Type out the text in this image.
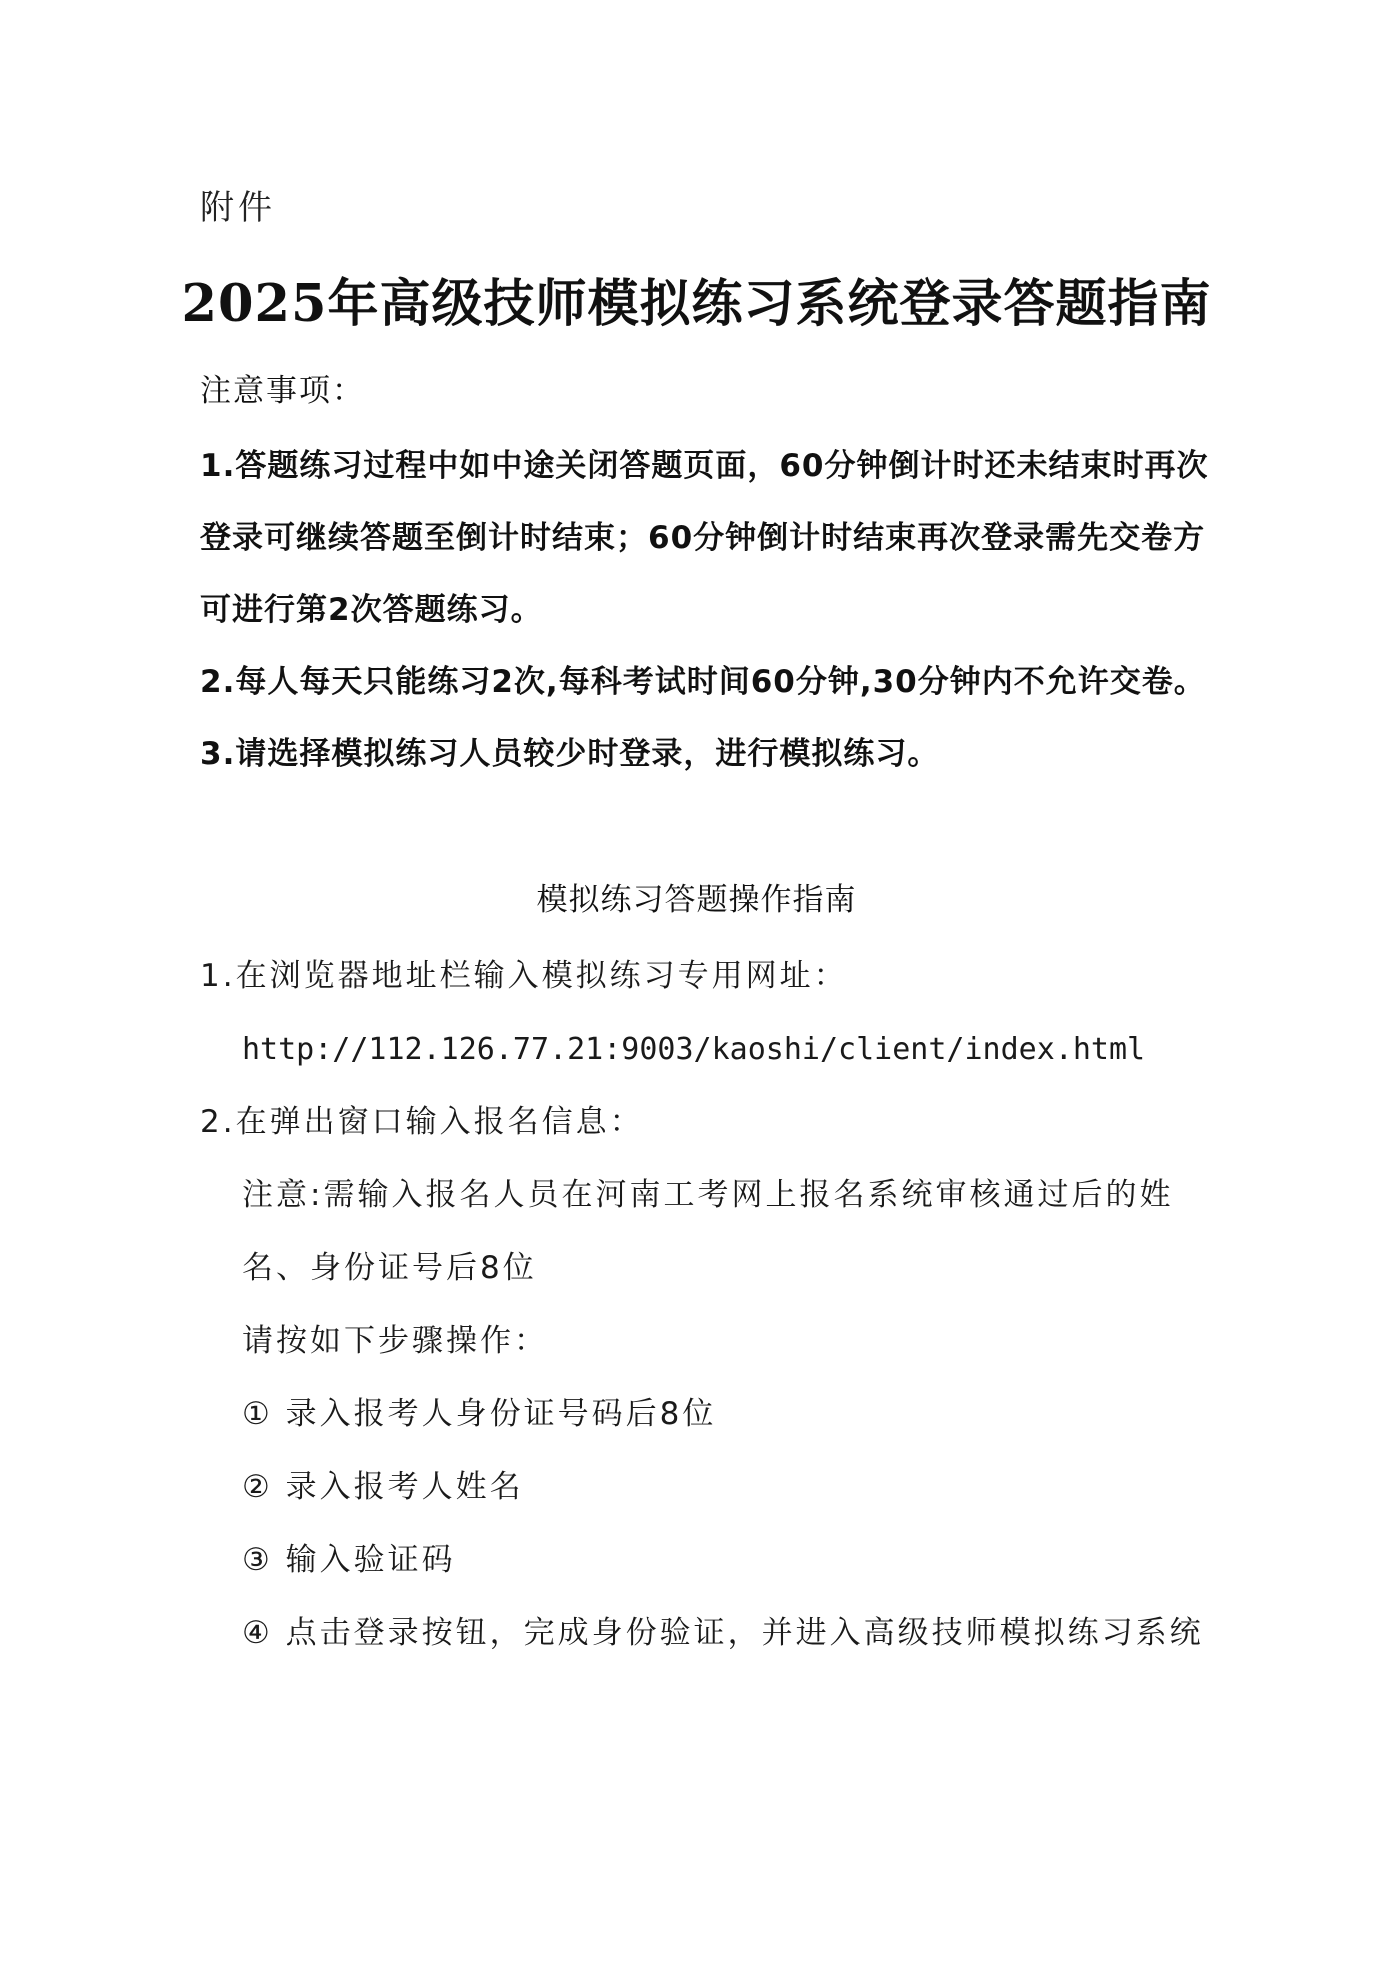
附件
2025年高级技师模拟练习系统登录答题指南
注意事项：

1.答题练习过程中如中途关闭答题页面，60分钟倒计时还未结束时再次登录可继续答题至倒计时结束；60分钟倒计时结束再次登录需先交卷方可进行第2次答题练习。

2.每人每天只能练习2次,每科考试时间60分钟,30分钟内不允许交卷。

3.请选择模拟练习人员较少时登录，进行模拟练习。

模拟练习答题操作指南

1.在浏览器地址栏输入模拟练习专用网址：

http://112.126.77.21:9003/kaoshi/client/index.html

2.在弹出窗口输入报名信息：

注意:需输入报名人员在河南工考网上报名系统审核通过后的姓名、身份证号后8位

请按如下步骤操作：

① 录入报考人身份证号码后8位

② 录入报考人姓名

③ 输入验证码

④ 点击登录按钮，完成身份验证，并进入高级技师模拟练习系统
